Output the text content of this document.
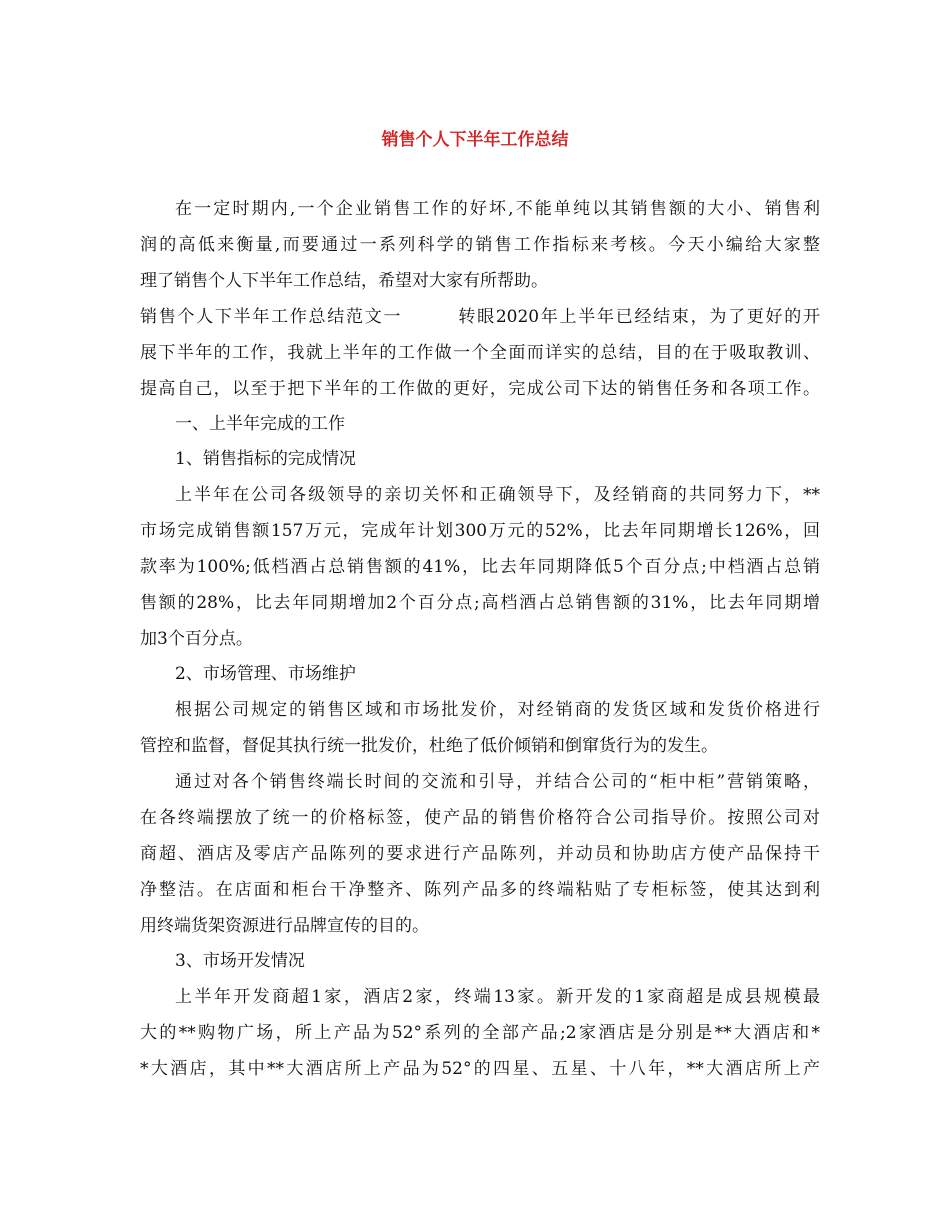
销售个人下半年工作总结
在一定时期内,一个企业销售工作的好坏,不能单纯以其销售额的大小、销售利
润的高低来衡量,而要通过一系列科学的销售工作指标来考核。今天小编给大家整
理了销售个人下半年工作总结，希望对大家有所帮助。
销售个人下半年工作总结范文一　　　转眼2020年上半年已经结束，为了更好的开
展下半年的工作，我就上半年的工作做一个全面而详实的总结，目的在于吸取教训、
提高自己，以至于把下半年的工作做的更好，完成公司下达的销售任务和各项工作。
一、上半年完成的工作
1、销售指标的完成情况
上半年在公司各级领导的亲切关怀和正确领导下，及经销商的共同努力下，**
市场完成销售额157万元，完成年计划300万元的52%，比去年同期增长126%，回
款率为100%;低档酒占总销售额的41%，比去年同期降低5个百分点;中档酒占总销
售额的28%，比去年同期增加2个百分点;高档酒占总销售额的31%，比去年同期增
加3个百分点。
2、市场管理、市场维护
根据公司规定的销售区域和市场批发价，对经销商的发货区域和发货价格进行
管控和监督，督促其执行统一批发价，杜绝了低价倾销和倒窜货行为的发生。
通过对各个销售终端长时间的交流和引导，并结合公司的“柜中柜”营销策略，
在各终端摆放了统一的价格标签，使产品的销售价格符合公司指导价。按照公司对
商超、酒店及零店产品陈列的要求进行产品陈列，并动员和协助店方使产品保持干
净整洁。在店面和柜台干净整齐、陈列产品多的终端粘贴了专柜标签，使其达到利
用终端货架资源进行品牌宣传的目的。
3、市场开发情况
上半年开发商超1家，酒店2家，终端13家。新开发的1家商超是成县规模最
大的**购物广场，所上产品为52°系列的全部产品;2家酒店是分别是**大酒店和*
*大酒店，其中**大酒店所上产品为52°的四星、五星、十八年，**大酒店所上产
